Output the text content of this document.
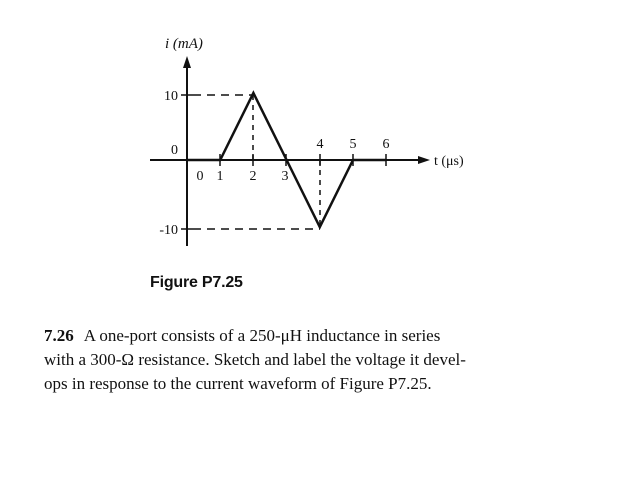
i (mA)
t (μs)
10
0
-10
0 1 2 3
4 5 6
Figure P7.25
7.26 A one-port consists of a 250-μH inductance in series
with a 300-Ω resistance. Sketch and label the voltage it devel-
ops in response to the current waveform of Figure P7.25.
